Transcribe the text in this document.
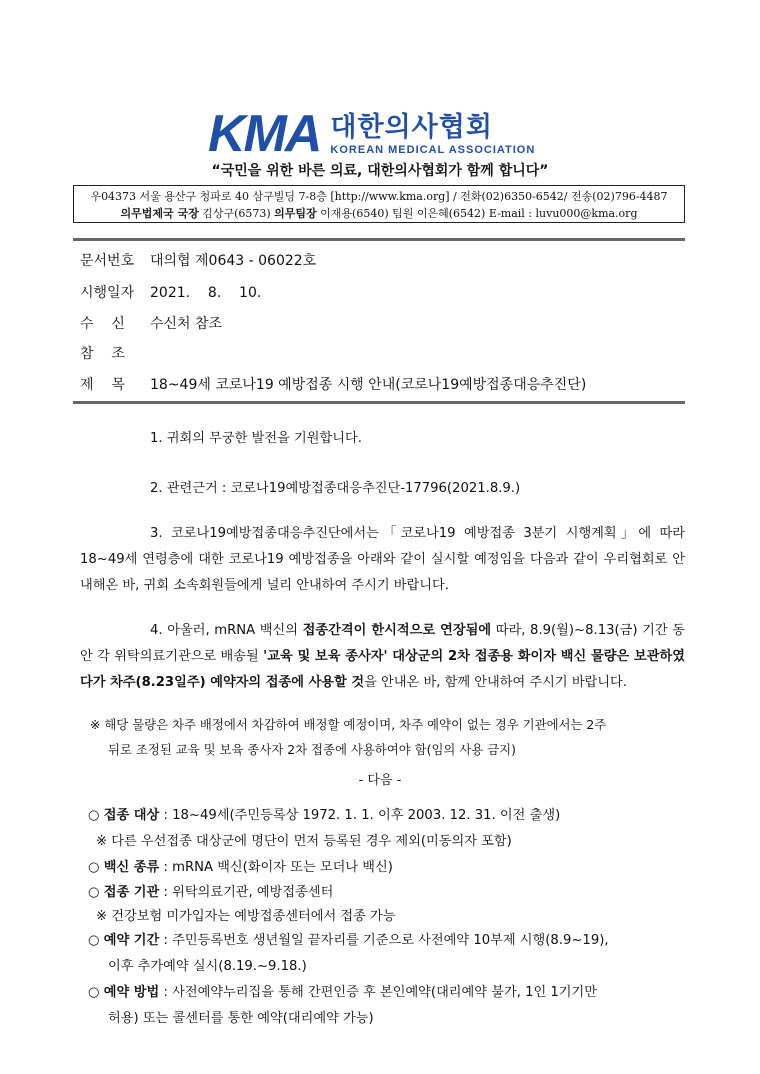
KMA 대한의사협회
KOREAN MEDICAL ASSOCIATION
“국민을 위한 바른 의료, 대한의사협회가 함께 합니다”
우04373 서울 용산구 청파로 40 삼구빌딩 7-8층 [http://www.kma.org] / 전화(02)6350-6542/ 전송(02)796-4487
의무법제국 국장 김상구(6573) 의무팀장 이재용(6540) 팀원 이은혜(6542) E-mail : luvu000@kma.org
문서번호 대의협 제0643 - 06022호
시행일자 2021.    8.    10.
수    신 수신처 참조
참    조
제    목 18~49세 코로나19 예방접종 시행 안내(코로나19예방접종대응추진단)
1. 귀회의 무궁한 발전을 기원합니다.
2. 관련근거 : 코로나19예방접종대응추진단-17796(2021.8.9.)
3. 코로나19예방접종대응추진단에서는「코로나19 예방접종 3분기 시행계획」에 따라 18~49세 연령층에 대한 코로나19 예방접종을 아래와 같이 실시할 예정임을 다음과 같이 우리협회로 안내해온 바, 귀회 소속회원들에게 널리 안내하여 주시기 바랍니다.
4. 아울러, mRNA 백신의 접종간격이 한시적으로 연장됨에 따라, 8.9(월)~8.13(금) 기간 동안 각 위탁의료기관으로 배송될 '교육 및 보육 종사자' 대상군의 2차 접종용 화이자 백신 물량은 보관하였다가 차주(8.23일주) 예약자의 접종에 사용할 것을 안내온 바, 함께 안내하여 주시기 바랍니다.
※ 해당 물량은 차주 배정에서 차감하여 배정할 예정이며, 차주 예약이 없는 경우 기관에서는 2주
뒤로 조정된 교육 및 보육 종사자 2차 접종에 사용하여야 함(임의 사용 금지)
- 다음 -
○ 접종 대상 : 18~49세(주민등록상 1972. 1. 1. 이후 2003. 12. 31. 이전 출생)
※ 다른 우선접종 대상군에 명단이 먼저 등록된 경우 제외(미동의자 포함)
○ 백신 종류 : mRNA 백신(화이자 또는 모더나 백신)
○ 접종 기관 : 위탁의료기관, 예방접종센터
※ 건강보험 미가입자는 예방접종센터에서 접종 가능
○ 예약 기간 : 주민등록번호 생년월일 끝자리를 기준으로 사전예약 10부제 시행(8.9~19),
이후 추가예약 실시(8.19.~9.18.)
○ 예약 방법 : 사전예약누리집을 통해 간편인증 후 본인예약(대리예약 불가, 1인 1기기만
허용) 또는 콜센터를 통한 예약(대리예약 가능)
